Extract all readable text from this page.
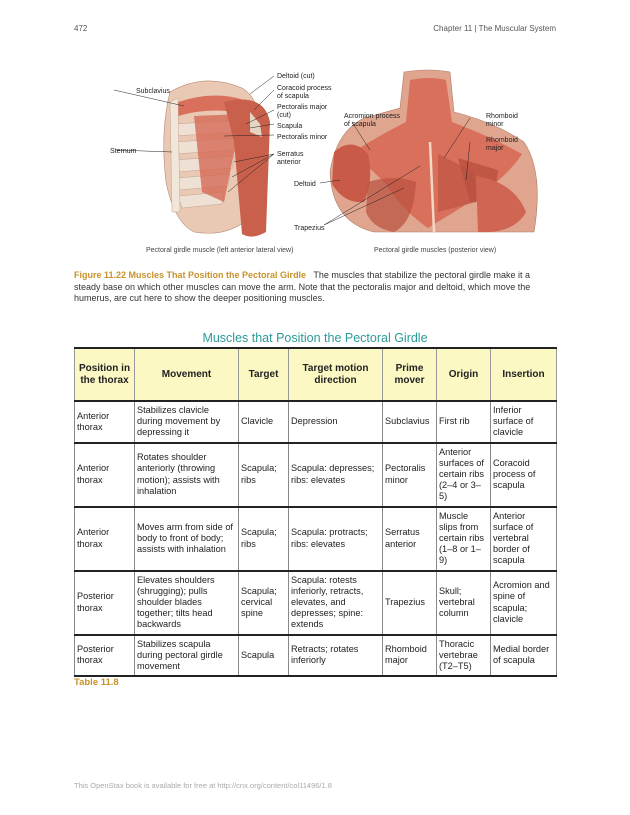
472	Chapter 11 | The Muscular System
Subclavius
Sternum
Deltoid (cut)
Coracoid process
of scapula
Pectoralis major
(cut)
Scapula
Pectoralis minor
Serratus
anterior
Acromion process
of scapula
Rhomboid
minor
Rhomboid
major
Deltoid
Trapezius
Pectoral girdle muscle (left anterior lateral view)	Pectoral girdle muscles (posterior view)
Figure 11.22 Muscles That Position the Pectoral Girdle The muscles that stabilize the pectoral girdle make it a steady base on which other muscles can move the arm. Note that the pectoralis major and deltoid, which move the humerus, are cut here to show the deeper positioning muscles.
Muscles that Position the Pectoral Girdle
Position in the thorax	Movement	Target	Target motion direction	Prime mover	Origin	Insertion
Anterior thorax	Stabilizes clavicle during movement by depressing it	Clavicle	Depression	Subclavius	First rib	Inferior surface of clavicle
Anterior thorax	Rotates shoulder anteriorly (throwing motion); assists with inhalation	Scapula; ribs	Scapula: depresses; ribs: elevates	Pectoralis minor	Anterior surfaces of certain ribs (2–4 or 3–5)	Coracoid process of scapula
Anterior thorax	Moves arm from side of body to front of body; assists with inhalation	Scapula; ribs	Scapula: protracts; ribs: elevates	Serratus anterior	Muscle slips from certain ribs (1–8 or 1–9)	Anterior surface of vertebral border of scapula
Posterior thorax	Elevates shoulders (shrugging); pulls shoulder blades together; tilts head backwards	Scapula; cervical spine	Scapula: rotests inferiorly, retracts, elevates, and depresses; spine: extends	Trapezius	Skull; vertebral column	Acromion and spine of scapula; clavicle
Posterior thorax	Stabilizes scapula during pectoral girdle movement	Scapula	Retracts; rotates inferiorly	Rhomboid major	Thoracic vertebrae (T2–T5)	Medial border of scapula
Table 11.8
This OpenStax book is available for free at http://cnx.org/content/col11496/1.8
